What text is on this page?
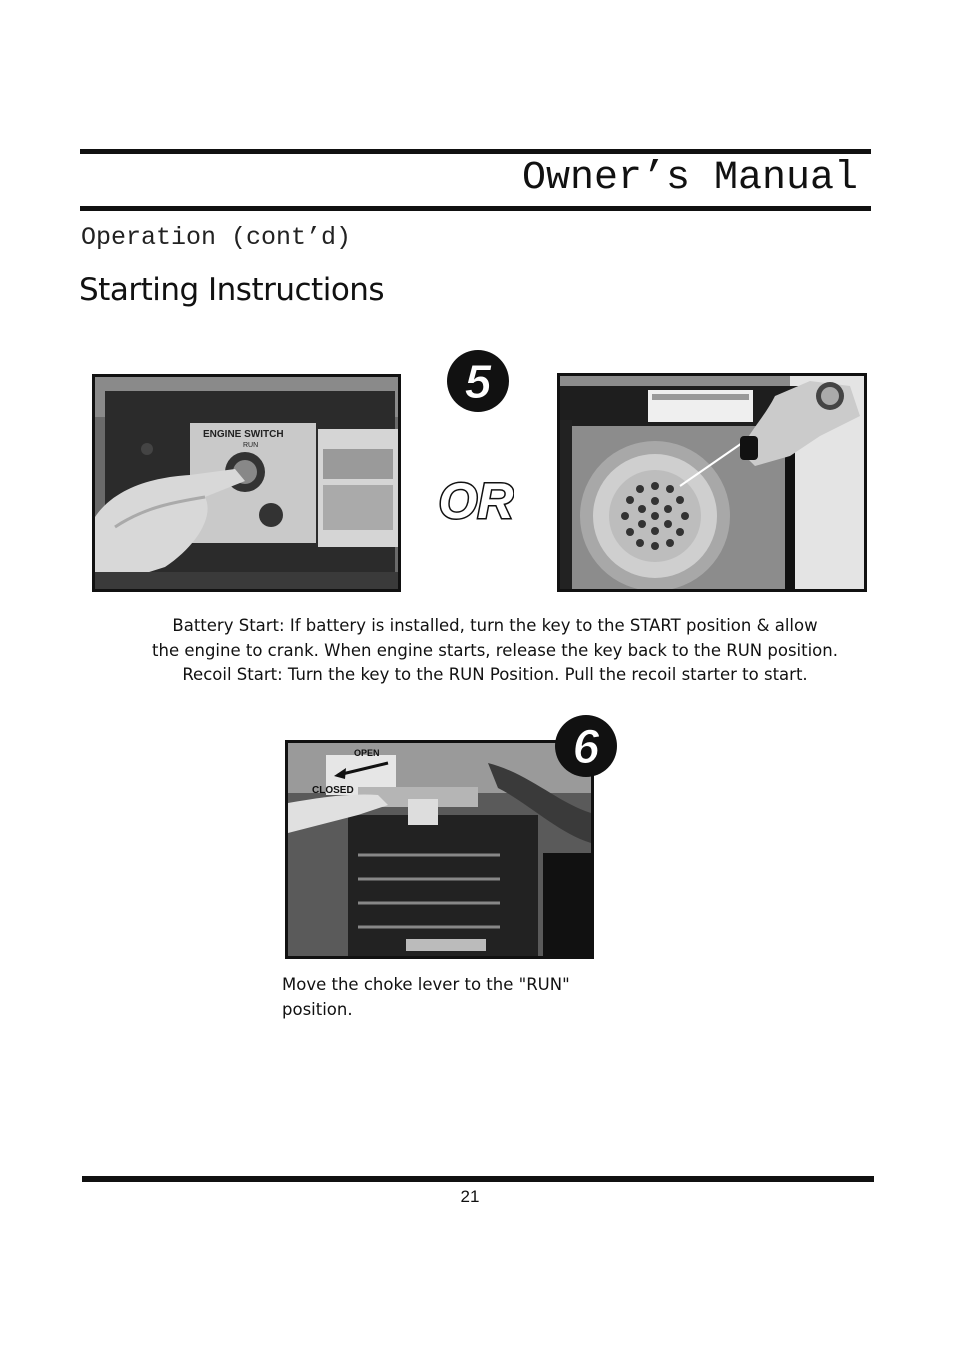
Owner’s Manual
Operation (cont’d)
Starting Instructions
ENGINE SWITCH
RUN
5
OR
Battery Start: If battery is installed, turn the key to the START position & allow
the engine to crank. When engine starts, release the key back to the RUN position.
Recoil Start: Turn the key to the RUN Position. Pull the recoil starter to start.
OPEN
CLOSED
6
Move the choke lever to the "RUN"
position.
21
